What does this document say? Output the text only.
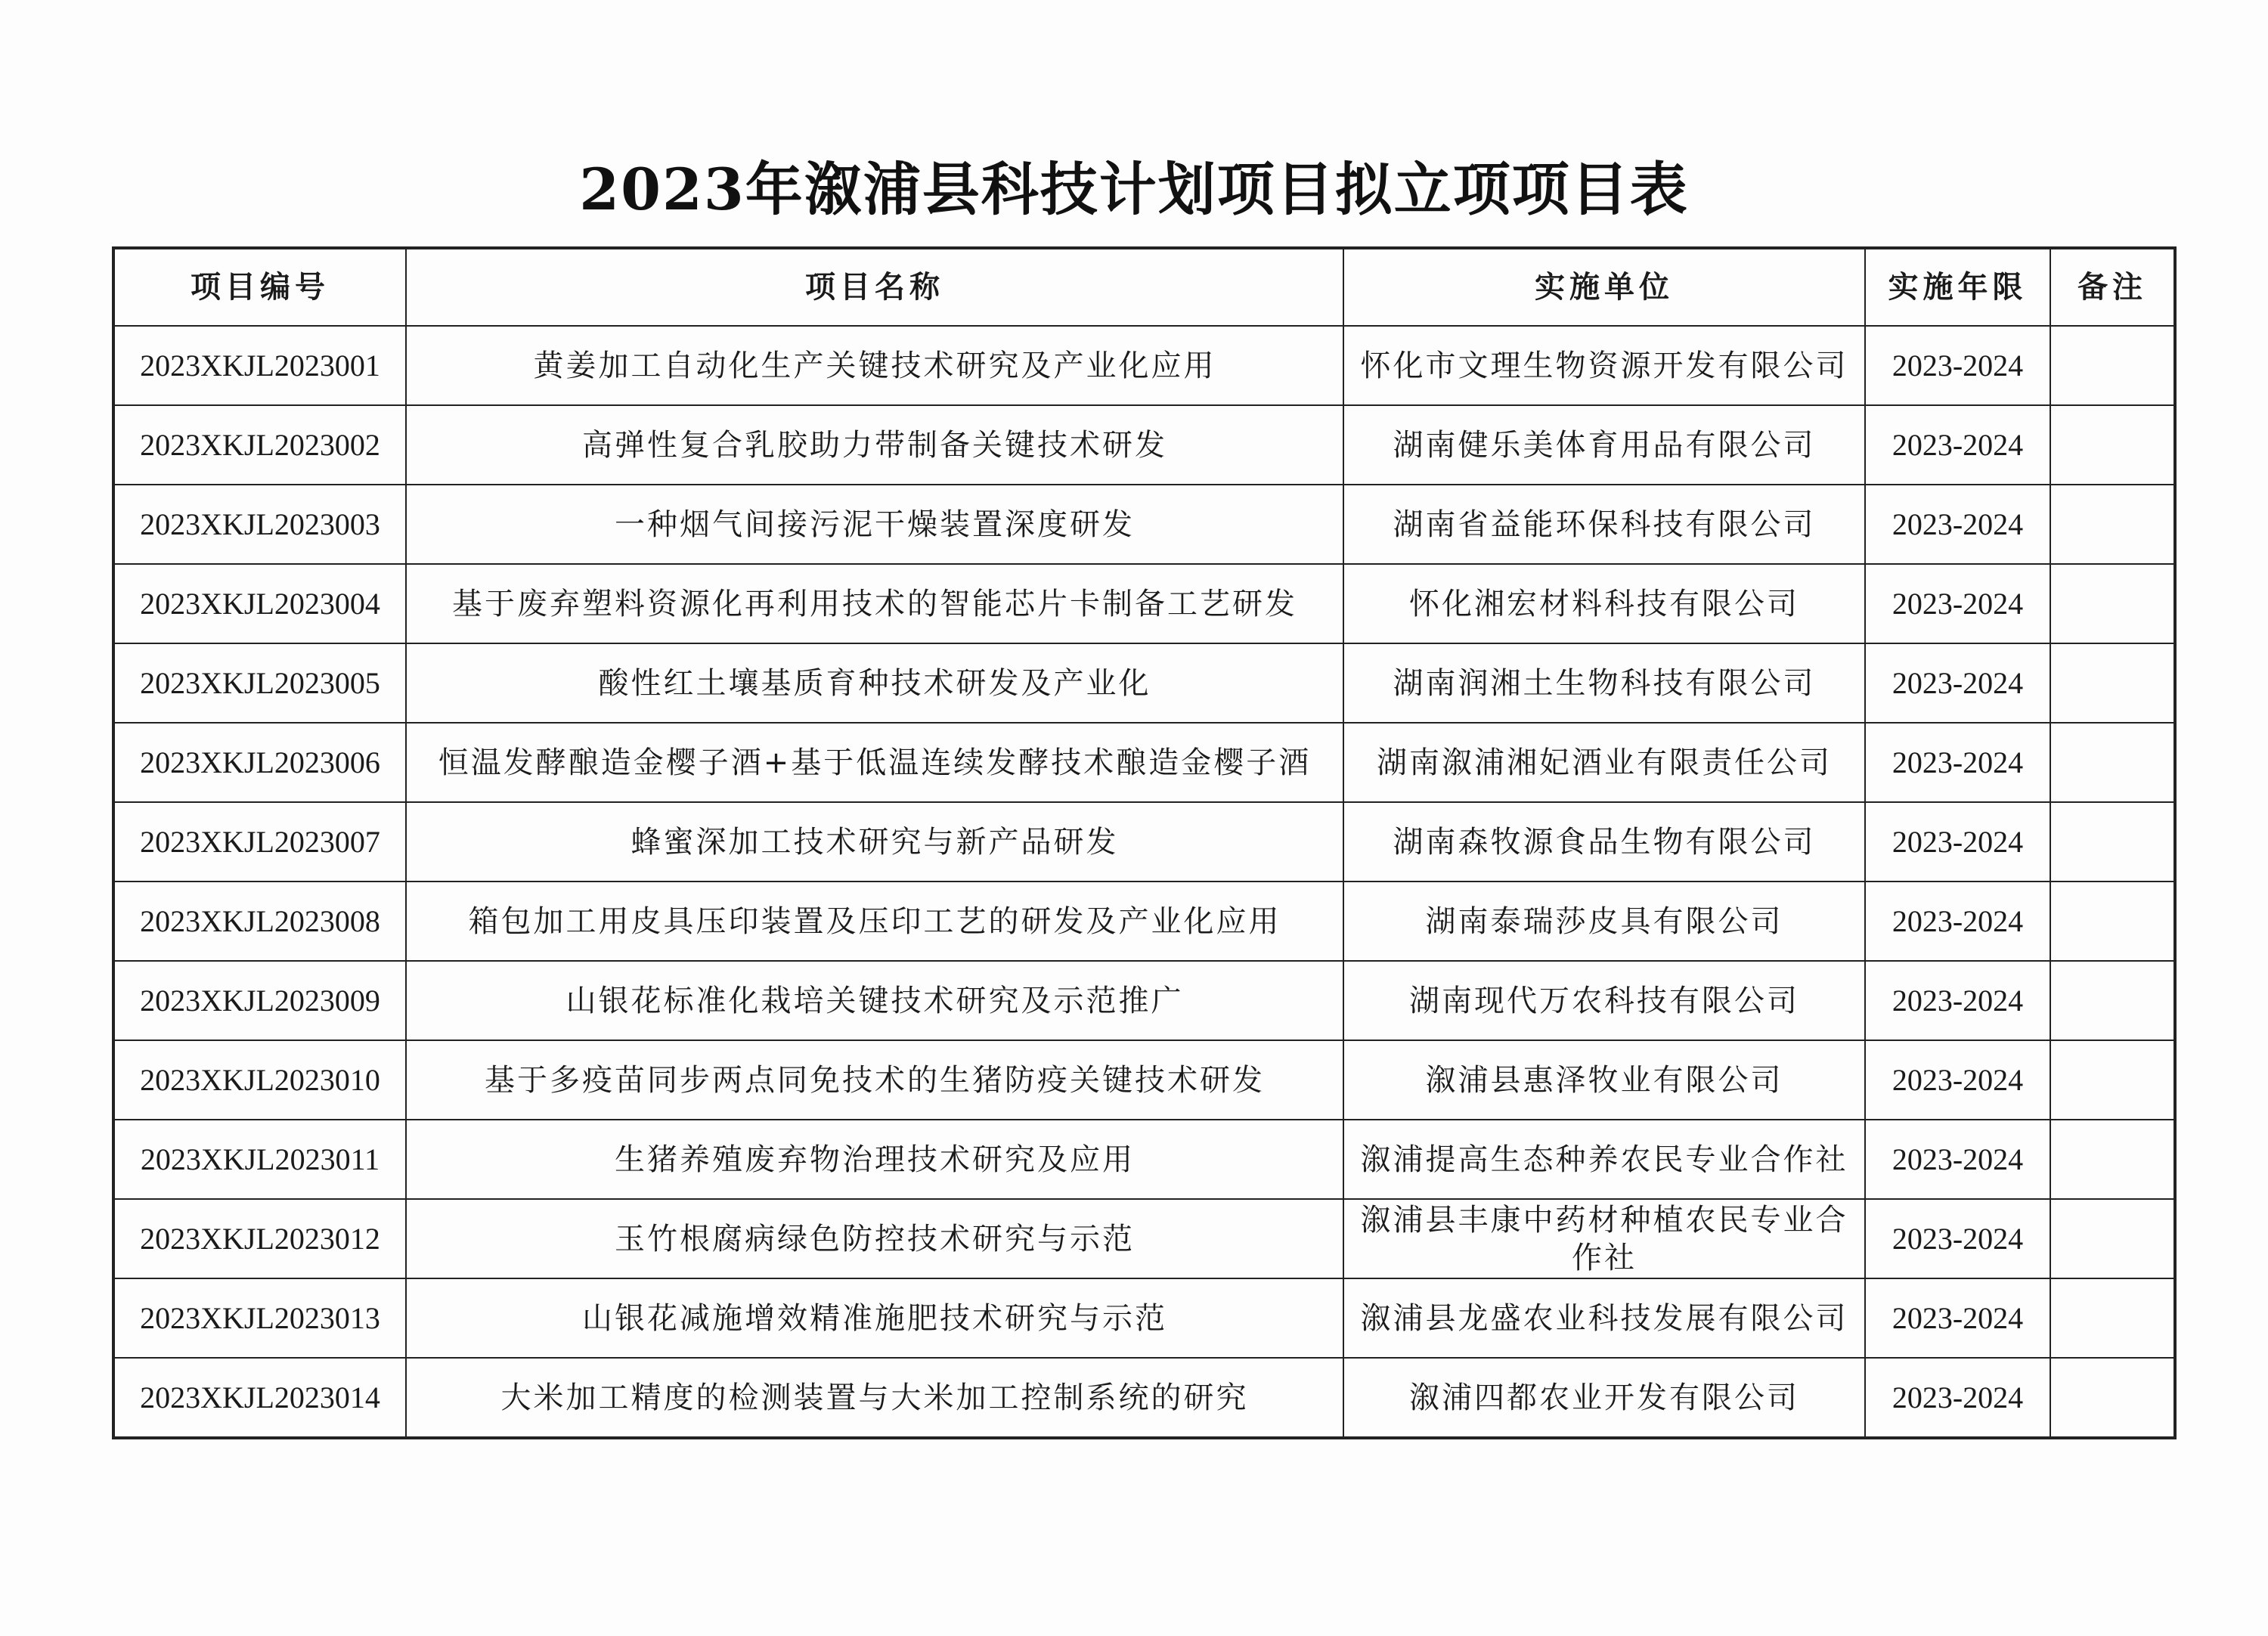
2023年溆浦县科技计划项目拟立项项目表
项目编号	项目名称	实施单位	实施年限	备注
2023XKJL2023001	黄姜加工自动化生产关键技术研究及产业化应用	怀化市文理生物资源开发有限公司	2023-2024	
2023XKJL2023002	高弹性复合乳胶助力带制备关键技术研发	湖南健乐美体育用品有限公司	2023-2024	
2023XKJL2023003	一种烟气间接污泥干燥装置深度研发	湖南省益能环保科技有限公司	2023-2024	
2023XKJL2023004	基于废弃塑料资源化再利用技术的智能芯片卡制备工艺研发	怀化湘宏材料科技有限公司	2023-2024	
2023XKJL2023005	酸性红土壤基质育种技术研发及产业化	湖南润湘土生物科技有限公司	2023-2024	
2023XKJL2023006	恒温发酵酿造金樱子酒+基于低温连续发酵技术酿造金樱子酒	湖南溆浦湘妃酒业有限责任公司	2023-2024	
2023XKJL2023007	蜂蜜深加工技术研究与新产品研发	湖南森牧源食品生物有限公司	2023-2024	
2023XKJL2023008	箱包加工用皮具压印装置及压印工艺的研发及产业化应用	湖南泰瑞莎皮具有限公司	2023-2024	
2023XKJL2023009	山银花标准化栽培关键技术研究及示范推广	湖南现代万农科技有限公司	2023-2024	
2023XKJL2023010	基于多疫苗同步两点同免技术的生猪防疫关键技术研发	溆浦县惠泽牧业有限公司	2023-2024	
2023XKJL2023011	生猪养殖废弃物治理技术研究及应用	溆浦提高生态种养农民专业合作社	2023-2024	
2023XKJL2023012	玉竹根腐病绿色防控技术研究与示范	溆浦县丰康中药材种植农民专业合作社	2023-2024	
2023XKJL2023013	山银花减施增效精准施肥技术研究与示范	溆浦县龙盛农业科技发展有限公司	2023-2024	
2023XKJL2023014	大米加工精度的检测装置与大米加工控制系统的研究	溆浦四都农业开发有限公司	2023-2024	
